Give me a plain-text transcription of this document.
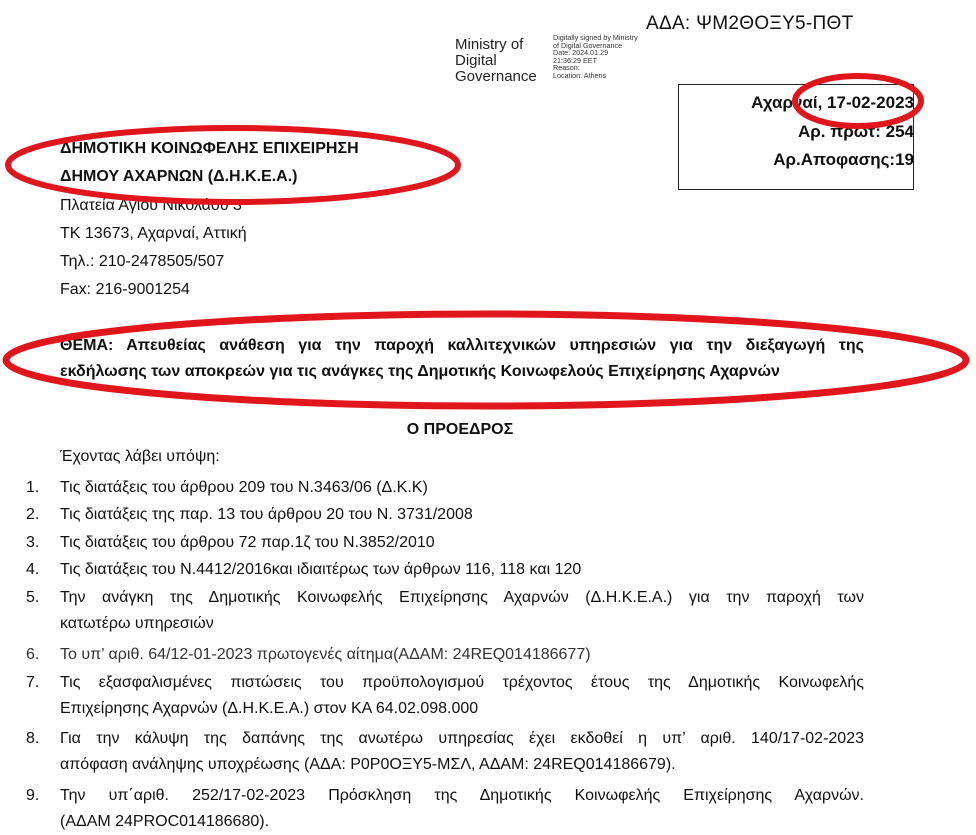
ΑΔΑ: ΨΜ2ΘΟΞΥ5-ΠΘΤ
Ministry of
Digital
Governance
Digitally signed by Ministry
of Digital Governance
Date: 2024.01.29
21:36:29 EET
Reason:
Location: Athens
Αχαρναί, 17-02-2023
Αρ. πρωτ: 254
Αρ.Αποφασης:19
ΔΗΜΟΤΙΚΗ ΚΟΙΝΩΦΕΛΗΣ ΕΠΙΧΕΙΡΗΣΗ
ΔΗΜΟΥ ΑΧΑΡΝΩΝ (Δ.Η.Κ.Ε.Α.)
Πλατεία Αγίου Νικολάου 3
ΤΚ 13673, Αχαρναί, Αττική
Τηλ.: 210-2478505/507
Fax: 216-9001254
ΘΕΜΑ: Απευθείας ανάθεση για την παροχή καλλιτεχνικών υπηρεσιών για την διεξαγωγή της
εκδήλωσης των αποκρεών για τις ανάγκες της Δημοτικής Κοινωφελούς Επιχείρησης Αχαρνών
Ο ΠΡΟΕΔΡΟΣ
Έχοντας λάβει υπόψη:
1.	Τις διατάξεις του άρθρου 209 του Ν.3463/06 (Δ.Κ.Κ)
2.	Τις διατάξεις της παρ. 13 του άρθρου 20 του Ν. 3731/2008
3.	Τις διατάξεις του άρθρου 72 παρ.1ζ του Ν.3852/2010
4.	Τις διατάξεις του Ν.4412/2016και ιδιαιτέρως των άρθρων 116, 118 και 120
5.	Την ανάγκη της Δημοτικής Κοινωφελής Επιχείρησης Αχαρνών (Δ.Η.Κ.Ε.Α.) για την παροχή των
κατωτέρω υπηρεσιών
6.	Το υπ’ αριθ. 64/12-01-2023 πρωτογενές αίτημα(ΑΔΑΜ: 24REQ014186677)
7.	Τις εξασφαλισμένες πιστώσεις του προϋπολογισμού τρέχοντος έτους της Δημοτικής Κοινωφελής
Επιχείρησης Αχαρνών (Δ.Η.Κ.Ε.Α.) στον ΚΑ 64.02.098.000
8.	Για την κάλυψη της δαπάνης της ανωτέρω υπηρεσίας έχει εκδοθεί η υπ’ αριθ. 140/17-02-2023
απόφαση ανάληψης υποχρέωσης (ΑΔΑ: Ρ0Ρ0ΟΞΥ5-ΜΣΛ, ΑΔΑΜ: 24REQ014186679).
9.	Την υπ΄αριθ. 252/17-02-2023 Πρόσκληση της Δημοτικής Κοινωφελής Επιχείρησης Αχαρνών.
(ΑΔΑΜ 24PROC014186680).
